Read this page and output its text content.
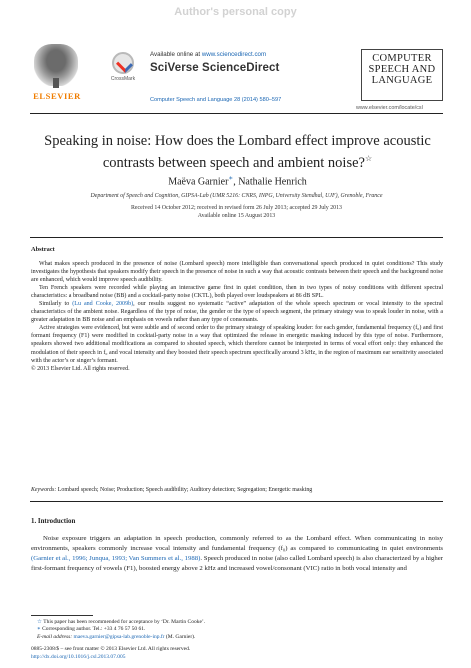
Author's personal copy
ELSEVIER
CrossMark
Available online at www.sciencedirect.com
SciVerse ScienceDirect
Computer Speech and Language 28 (2014) 580–597
COMPUTER
SPEECH AND
LANGUAGE
www.elsevier.com/locate/csl
Speaking in noise: How does the Lombard effect improve acoustic
contrasts between speech and ambient noise?☆
Maëva Garnier∗, Nathalie Henrich
Department of Speech and Cognition, GIPSA-Lab (UMR 5216: CNRS, INPG, University Stendhal, UJF), Grenoble, France
Received 14 October 2012; received in revised form 26 July 2013; accepted 29 July 2013
Available online 15 August 2013
Abstract

What makes speech produced in the presence of noise (Lombard speech) more intelligible than conversational speech produced in quiet conditions? This study investigates the hypothesis that speakers modify their speech in the presence of noise in such a way that acoustic contrasts between their speech and the background noise are enhanced, which would improve speech audibility.

Ten French speakers were recorded while playing an interactive game first in quiet condition, then in two types of noisy conditions with different spectral characteristics: a broadband noise (BB) and a cocktail-party noise (CKTL), both played over loudspeakers at 86 dB SPL.

Similarly to (Lu and Cooke, 2009b), our results suggest no systematic “active” adaptation of the whole speech spectrum or vocal intensity to the spectral characteristics of the ambient noise. Regardless of the type of noise, the gender or the type of speech segment, the primary strategy was to speak louder in noise, with a greater adaptation in BB noise and an emphasis on vowels rather than any type of consonants.

Active strategies were evidenced, but were subtle and of second order to the primary strategy of speaking louder: for each gender, fundamental frequency (f₀) and first formant frequency (F1) were modified in cocktail-party noise in a way that optimized the release in energetic masking induced by this type of noise. Furthermore, speakers showed two additional modifications as compared to shouted speech, which therefore cannot be interpreted in terms of vocal effort only: they enhanced the modulation of their speech in f₀ and vocal intensity and they boosted their speech spectrum specifically around 3 kHz, in the region of maximum ear sensitivity associated with the actor’s or singer’s formant.

© 2013 Elsevier Ltd. All rights reserved.

Keywords: Lombard speech; Noise; Production; Speech audibility; Auditory detection; Segregation; Energetic masking
1. Introduction

Noise exposure triggers an adaptation in speech production, commonly referred to as the Lombard effect. When communicating in noisy environments, speakers commonly increase vocal intensity and fundamental frequency (f₀) as compared to communicating in quiet environments (Garnier et al., 1996; Junqua, 1993; Van Summers et al., 1988). Speech produced in noise (also called Lombard speech) is also characterized by a higher first-formant frequency of vowels (F1), boosted energy above 2 kHz and increased vowel/consonant (VIC) ratio in both vocal intensity and

☆ This paper has been recommended for acceptance by ‘Dr. Martin Cooke’.

∗ Corresponding author. Tel.: +33 4 76 57 50 61.

E-mail address: maeva.garnier@gipsa-lab.grenoble-inp.fr (M. Garnier).

0885-2308/$ – see front matter © 2013 Elsevier Ltd. All rights reserved.
http://dx.doi.org/10.1016/j.csl.2013.07.005
